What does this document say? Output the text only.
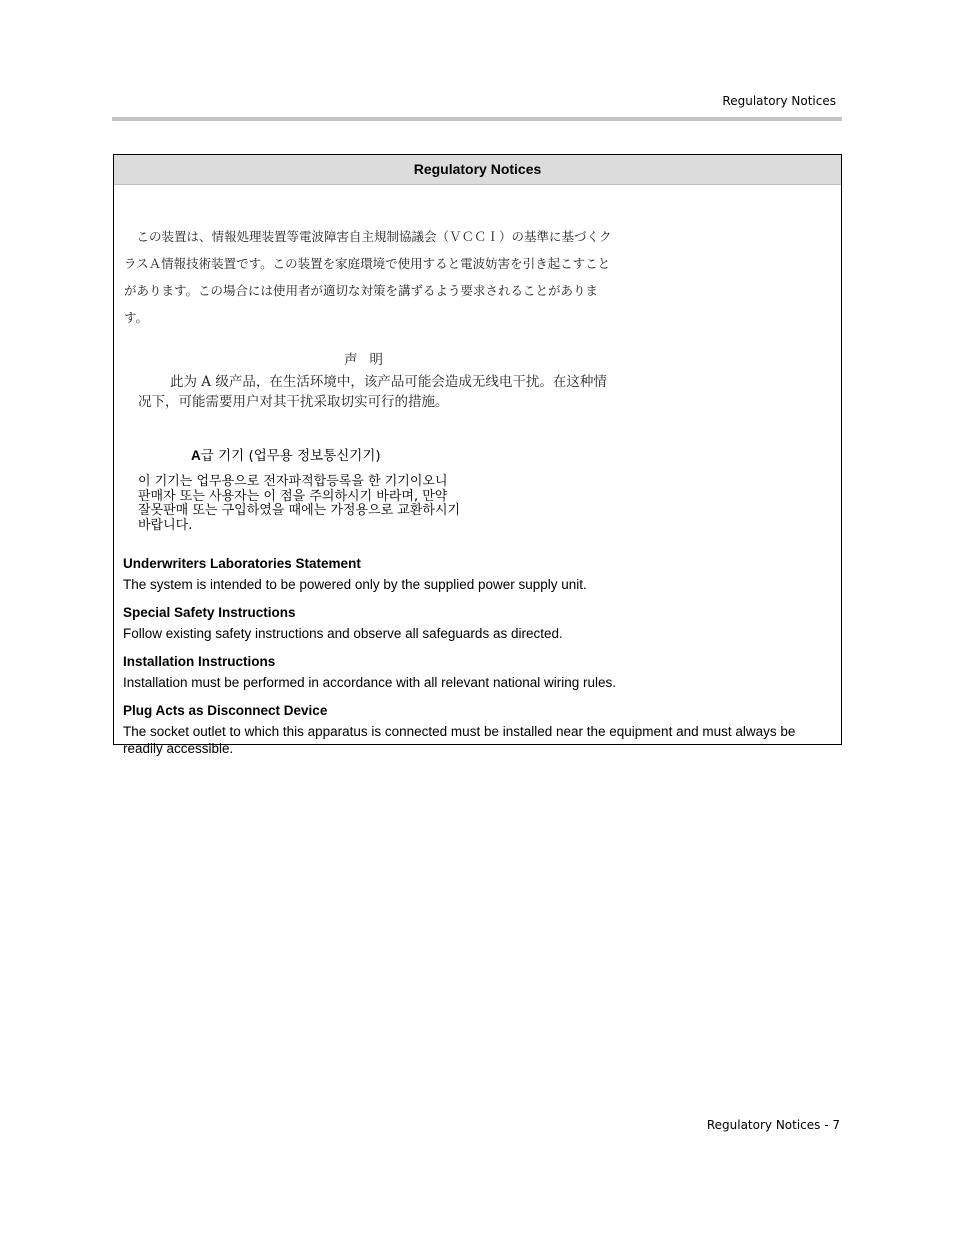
Regulatory Notices
Regulatory Notices
　この装置は、情報処理装置等電波障害自主規制協議会（ＶＣＣＩ）の基準に基づくク
ラスＡ情報技術装置です。この装置を家庭環境で使用すると電波妨害を引き起こすこと
があります。この場合には使用者が適切な対策を講ずるよう要求されることがありま
す。
声明
此为 A 级产品，在生活环境中，该产品可能会造成无线电干扰。在这种情
况下，可能需要用户对其干扰采取切实可行的措施。
A급 기기 (업무용 정보통신기기)
이 기기는 업무용으로 전자파적합등록을 한 기기이오니
판매자 또는 사용자는 이 점을 주의하시기 바라며, 만약
잘못판매 또는 구입하였을 때에는 가정용으로 교환하시기
바랍니다.
Underwriters Laboratories Statement
The system is intended to be powered only by the supplied power supply unit.
Special Safety Instructions
Follow existing safety instructions and observe all safeguards as directed.
Installation Instructions
Installation must be performed in accordance with all relevant national wiring rules.
Plug Acts as Disconnect Device
The socket outlet to which this apparatus is connected must be installed near the equipment and must always be readily accessible.
Regulatory Notices - 7
